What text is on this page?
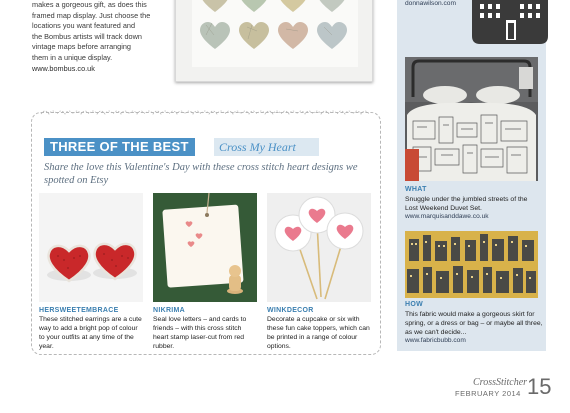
makes a gorgeous gift, as does this
framed map display. Just choose the
locations you want featured and
the Bombus artists will track down
vintage maps before arranging
them in a unique display.
www.bombus.co.uk
donnawilson.com
WHAT
Snuggle under the jumbled streets of the Lost Weekend Duvet Set.
www.marquisanddawe.co.uk
HOW
This fabric would make a gorgeous skirt for spring, or a dress or bag – or maybe all three, as we can't decide...
www.fabricbubb.com
THREE OF THE BEST	Cross My Heart
Share the love this Valentine's Day with these cross stitch heart designs we spotted on Etsy
HERSWEETEMBRACE
These stitched earrings are a cute way to add a bright pop of colour to your outfits at any time of the year.
NIKRIMA
Seal love letters – and cards to friends – with this cross stitch heart stamp laser-cut from red rubber.
WINKDECOR
Decorate a cupcake or six with these fun cake toppers, which can be printed in a range of colour options.
CrossStitcher
FEBRUARY 2014 15
